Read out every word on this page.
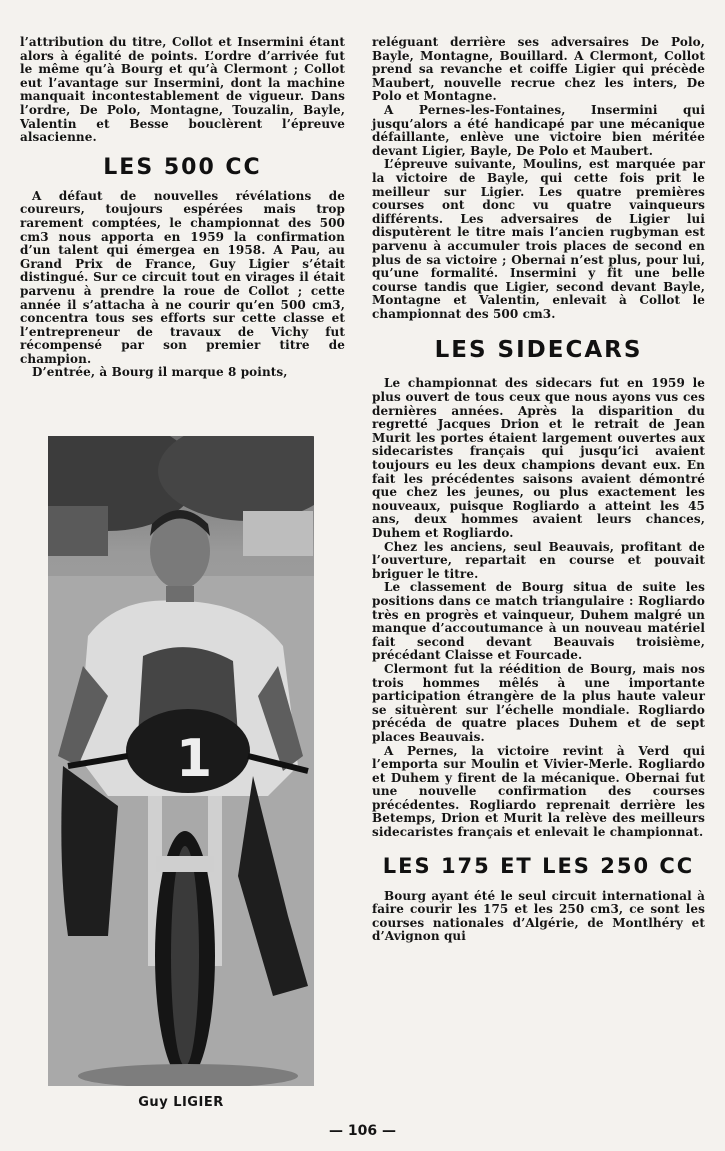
l’attribution du titre, Collot et Insermini étant alors à égalité de points. L’ordre d’arrivée fut le même qu’à Bourg et qu’à Clermont ; Collot eut l’avantage sur Insermini, dont la machine manquait incontestablement de vigueur. Dans l’ordre, De Polo, Montagne, Touzalin, Bayle, Valentin et Besse bouclèrent l’épreuve alsacienne.

LES 500 CC

A défaut de nouvelles révélations de coureurs, toujours espérées mais trop rarement comptées, le championnat des 500 cm3 nous apporta en 1959 la confirmation d’un talent qui émergea en 1958. A Pau, au Grand Prix de France, Guy Ligier s’était distingué. Sur ce circuit tout en virages il était parvenu à prendre la roue de Collot ; cette année il s’attacha à ne courir qu’en 500 cm3, concentra tous ses efforts sur cette classe et l’entrepreneur de travaux de Vichy fut récompensé par son premier titre de champion.

D’entrée, à Bourg il marque 8 points,

1
Guy LIGIER

reléguant derrière ses adversaires De Polo, Bayle, Montagne, Bouillard. A Clermont, Collot prend sa revanche et coiffe Ligier qui précède Maubert, nouvelle recrue chez les inters, De Polo et Montagne.

A Pernes-les-Fontaines, Insermini qui jusqu’alors a été handicapé par une mécanique défaillante, enlève une victoire bien méritée devant Ligier, Bayle, De Polo et Maubert.

L’épreuve suivante, Moulins, est marquée par la victoire de Bayle, qui cette fois prit le meilleur sur Ligier. Les quatre premières courses ont donc vu quatre vainqueurs différents. Les adversaires de Ligier lui disputèrent le titre mais l’ancien rugbyman est parvenu à accumuler trois places de second en plus de sa victoire ; Obernai n’est plus, pour lui, qu’une formalité. Insermini y fit une belle course tandis que Ligier, second devant Bayle, Montagne et Valentin, enlevait à Collot le championnat des 500 cm3.

LES SIDECARS

Le championnat des sidecars fut en 1959 le plus ouvert de tous ceux que nous ayons vus ces dernières années. Après la disparition du regretté Jacques Drion et le retrait de Jean Murit les portes étaient largement ouvertes aux sidecaristes français qui jusqu’ici avaient toujours eu les deux champions devant eux. En fait les précédentes saisons avaient démontré que chez les jeunes, ou plus exactement les nouveaux, puisque Rogliardo a atteint les 45 ans, deux hommes avaient leurs chances, Duhem et Rogliardo.

Chez les anciens, seul Beauvais, profitant de l’ouverture, repartait en course et pouvait briguer le titre.

Le classement de Bourg situa de suite les positions dans ce match triangulaire : Rogliardo très en progrès et vainqueur, Duhem malgré un manque d’accoutumance à un nouveau matériel fait second devant Beauvais troisième, précédant Claisse et Fourcade.

Clermont fut la réédition de Bourg, mais nos trois hommes mêlés à une importante participation étrangère de la plus haute valeur se situèrent sur l’échelle mondiale. Rogliardo précéda de quatre places Duhem et de sept places Beauvais.

A Pernes, la victoire revint à Verd qui l’emporta sur Moulin et Vivier-Merle. Rogliardo et Duhem y firent de la mécanique. Obernai fut une nouvelle confirmation des courses précédentes. Rogliardo reprenait derrière les Betemps, Drion et Murit la relève des meilleurs sidecaristes français et enlevait le championnat.

LES 175 ET LES 250 CC

Bourg ayant été le seul circuit international à faire courir les 175 et les 250 cm3, ce sont les courses nationales d’Algérie, de Montlhéry et d’Avignon qui

— 106 —
